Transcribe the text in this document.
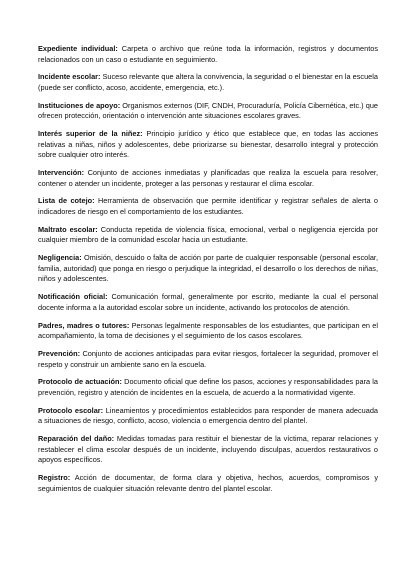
Expediente individual: Carpeta o archivo que reúne toda la información, registros y documentos relacionados con un caso o estudiante en seguimiento.

Incidente escolar: Suceso relevante que altera la convivencia, la seguridad o el bienestar en la escuela (puede ser conflicto, acoso, accidente, emergencia, etc.).

Instituciones de apoyo: Organismos externos (DIF, CNDH, Procuraduría, Policía Cibernética, etc.) que ofrecen protección, orientación o intervención ante situaciones escolares graves.

Interés superior de la niñez: Principio jurídico y ético que establece que, en todas las acciones relativas a niñas, niños y adolescentes, debe priorizarse su bienestar, desarrollo integral y protección sobre cualquier otro interés.

Intervención: Conjunto de acciones inmediatas y planificadas que realiza la escuela para resolver, contener o atender un incidente, proteger a las personas y restaurar el clima escolar.

Lista de cotejo: Herramienta de observación que permite identificar y registrar señales de alerta o indicadores de riesgo en el comportamiento de los estudiantes.

Maltrato escolar: Conducta repetida de violencia física, emocional, verbal o negligencia ejercida por cualquier miembro de la comunidad escolar hacia un estudiante.

Negligencia: Omisión, descuido o falta de acción por parte de cualquier responsable (personal escolar, familia, autoridad) que ponga en riesgo o perjudique la integridad, el desarrollo o los derechos de niñas, niños y adolescentes.

Notificación oficial: Comunicación formal, generalmente por escrito, mediante la cual el personal docente informa a la autoridad escolar sobre un incidente, activando los protocolos de atención.

Padres, madres o tutores: Personas legalmente responsables de los estudiantes, que participan en el acompañamiento, la toma de decisiones y el seguimiento de los casos escolares.

Prevención: Conjunto de acciones anticipadas para evitar riesgos, fortalecer la seguridad, promover el respeto y construir un ambiente sano en la escuela.

Protocolo de actuación: Documento oficial que define los pasos, acciones y responsabilidades para la prevención, registro y atención de incidentes en la escuela, de acuerdo a la normatividad vigente.

Protocolo escolar: Lineamientos y procedimientos establecidos para responder de manera adecuada a situaciones de riesgo, conflicto, acoso, violencia o emergencia dentro del plantel.

Reparación del daño: Medidas tomadas para restituir el bienestar de la víctima, reparar relaciones y restablecer el clima escolar después de un incidente, incluyendo disculpas, acuerdos restaurativos o apoyos específicos.

Registro: Acción de documentar, de forma clara y objetiva, hechos, acuerdos, compromisos y seguimientos de cualquier situación relevante dentro del plantel escolar.
